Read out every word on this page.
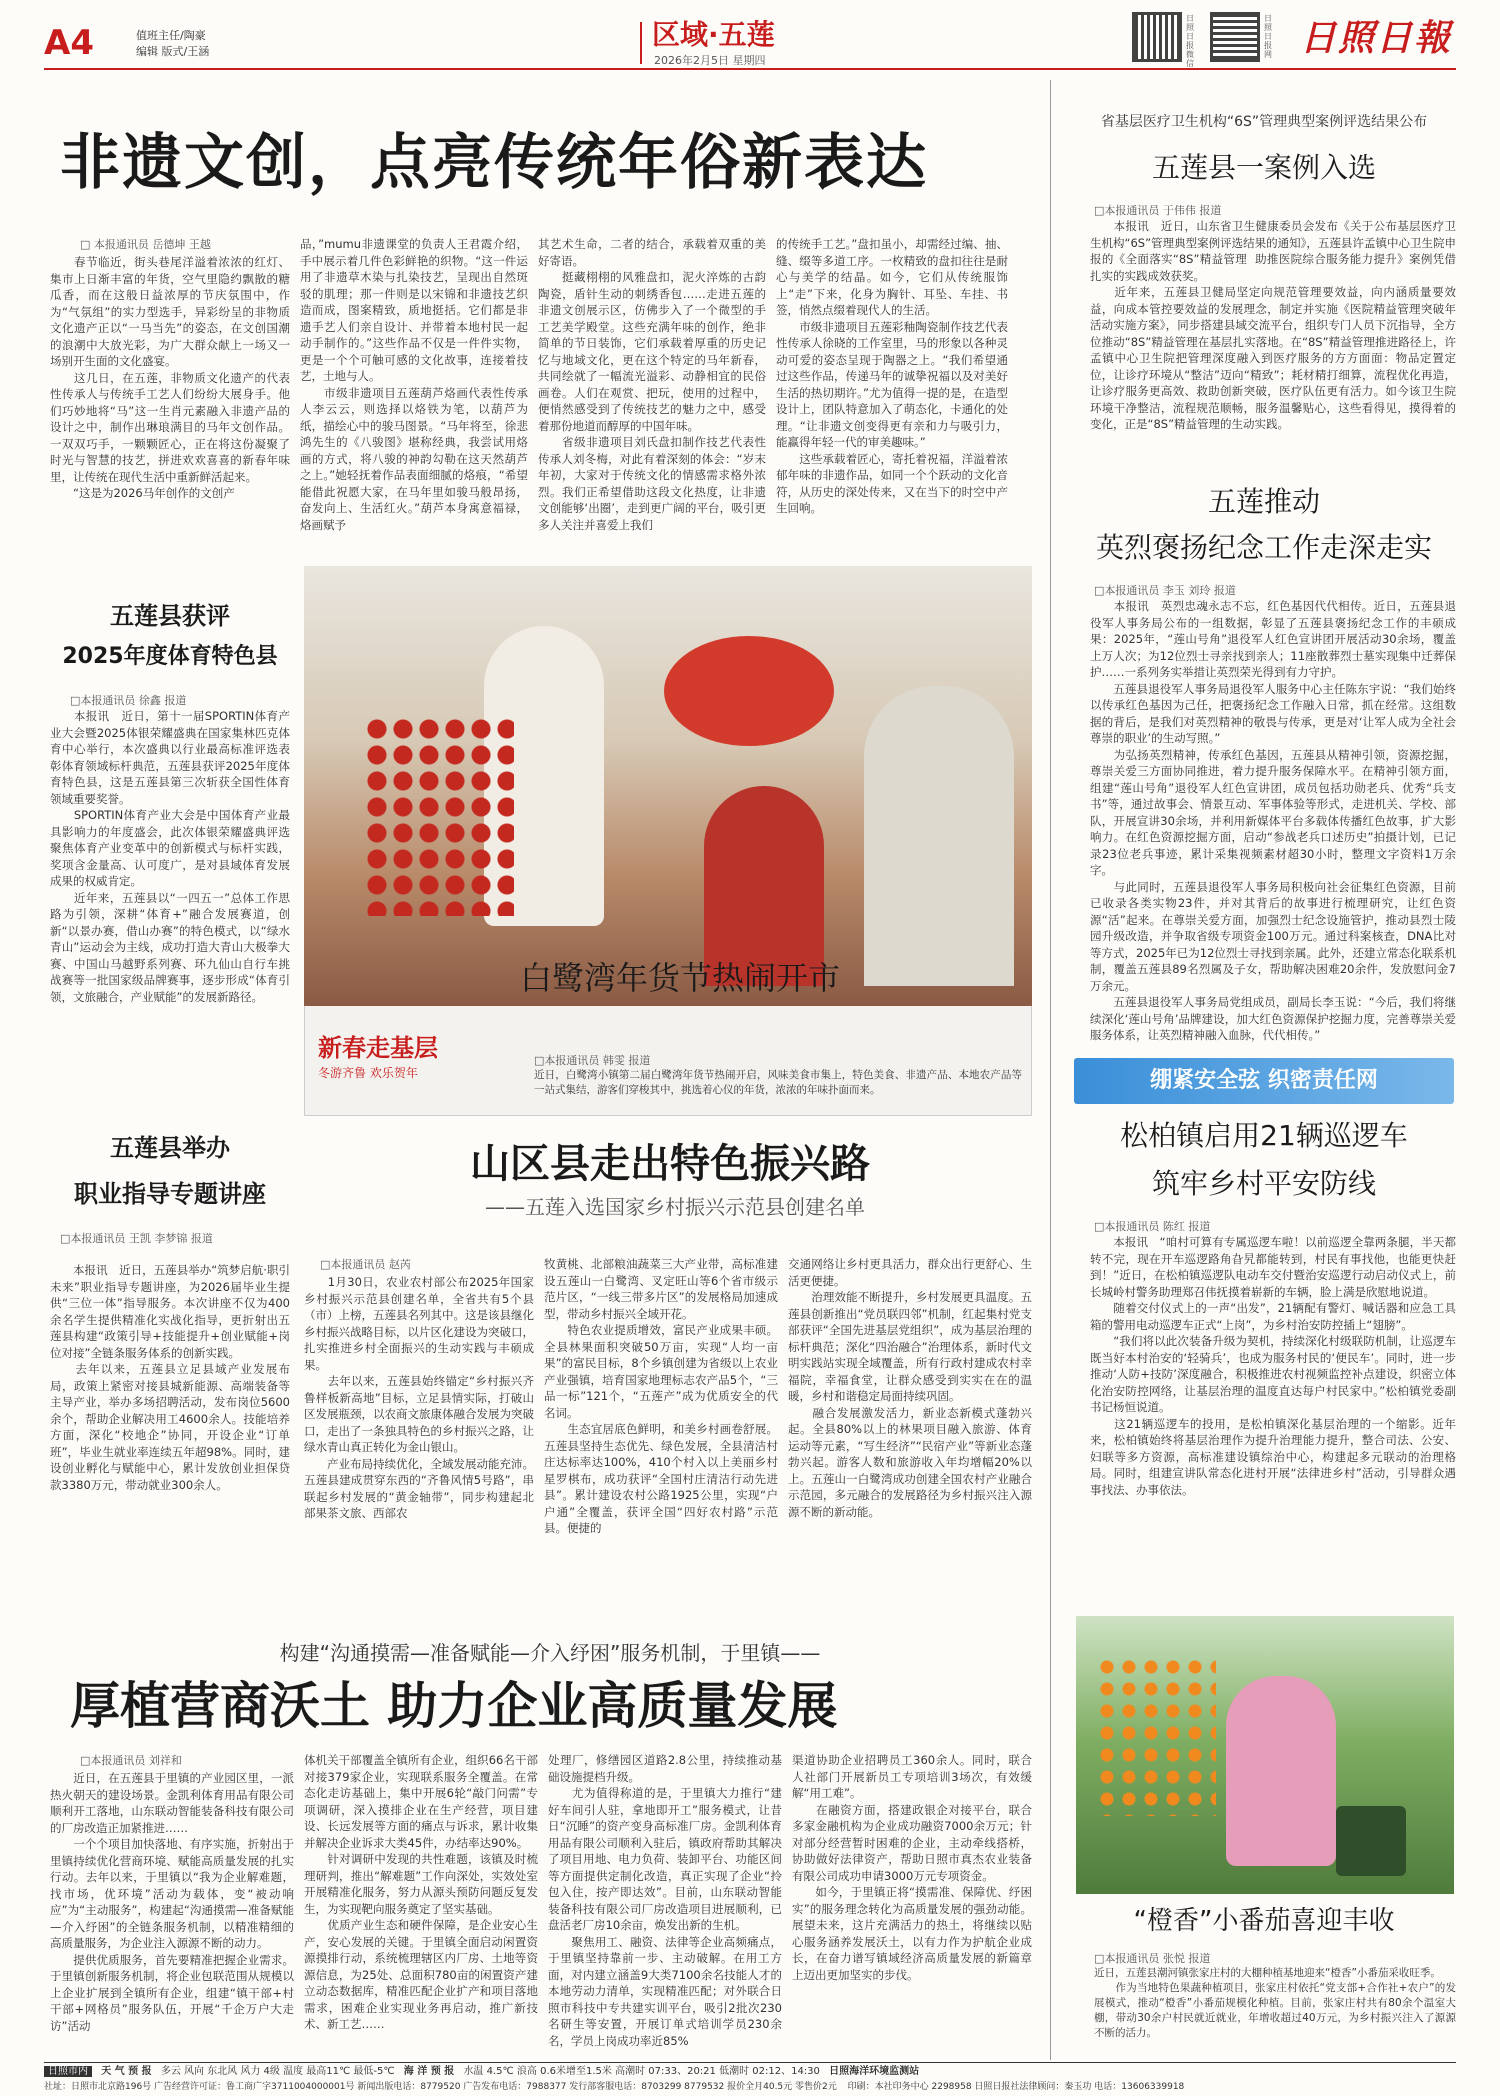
A4	值班主任/陶豪
编辑 版式/王涵
区域·五莲
2026年2月5日 星期四
日照日报微信
日照日报网 日照日報
非遗文创，点亮传统年俗新表达
□ 本报通讯员 岳德坤 王越
　　春节临近，街头巷尾洋溢着浓浓的红灯、集市上日渐丰富的年货，空气里隐约飘散的糖瓜香，而在这般日益浓厚的节庆氛围中，作为“气氛组”的实力型选手，异彩纷呈的非物质文化遗产正以“一马当先”的姿态，在文创国潮的浪潮中大放光彩，为广大群众献上一场又一场别开生面的文化盛宴。
　　这几日，在五莲，非物质文化遗产的代表性传承人与传统手工艺人们纷纷大展身手。他们巧妙地将“马”这一生肖元素融入非遗产品的设计之中，制作出琳琅满目的马年文创作品。一双双巧手，一颗颗匠心，正在将这份凝聚了时光与智慧的技艺，拼进欢欢喜喜的新春年味里，让传统在现代生活中重新鲜活起来。
　　“这是为2026马年创作的文创产
品，”mumu非遗课堂的负责人王君霞介绍，手中展示着几件色彩鲜艳的织物。“这一件运用了非遗草木染与扎染技艺，呈现出自然斑驳的肌理；那一件则是以宋锦和非遗技艺织造而成，图案精致，质地挺括。它们都是非遗手艺人们亲自设计、并带着本地村民一起动手制作的。”这些作品不仅是一件件实物，更是一个个可触可感的文化故事，连接着技艺，土地与人。
　　市级非遗项目五莲葫芦烙画代表性传承人李云云，则选择以烙铁为笔，以葫芦为纸，描绘心中的骏马图景。“马年将至，徐悲鸿先生的《八骏图》堪称经典，我尝试用烙画的方式，将八骏的神韵勾勒在这天然葫芦之上。”她轻抚着作品表面细腻的烙痕，“希望能借此祝愿大家，在马年里如骏马般昂扬，奋发向上、生活红火。”葫芦本身寓意福禄，烙画赋予
其艺术生命，二者的结合，承载着双重的美好寄语。
　　挺藏栩栩的风雅盘扣，泥火淬炼的古韵陶瓷，盾针生动的刺绣香包……走进五莲的非遗文创展示区，仿佛步入了一个微型的手工艺美学殿堂。这些充满年味的创作，绝非简单的节日装饰，它们承载着厚重的历史记忆与地域文化，更在这个特定的马年新春，共同绘就了一幅流光溢彩、动静相宜的民俗画卷。人们在观赏、把玩，使用的过程中，便悄然感受到了传统技艺的魅力之中，感受着那份地道而醇厚的中国年味。
　　省级非遗项目刘氏盘扣制作技艺代表性传承人刘冬梅，对此有着深刻的体会：“岁末年初，大家对于传统文化的情感需求格外浓烈。我们正希望借助这段文化热度，让非遗文创能够‘出圈’，走到更广阔的平台，吸引更多人关注并喜爱上我们
的传统手工艺。”盘扣虽小，却需经过编、抽、缝、缀等多道工序。一枚精致的盘扣往往是耐心与美学的结晶。如今，它们从传统服饰上“走”下来，化身为胸针、耳坠、车挂、书签，悄然点缀着现代人的生活。
　　市级非遗项目五莲彩釉陶瓷制作技艺代表性传承人徐晓的工作室里，马的形象以各种灵动可爱的姿态呈现于陶器之上。“我们希望通过这些作品，传递马年的诚挚祝福以及对美好生活的热切期许。”尤为值得一提的是，在造型设计上，团队特意加入了萌态化，卡通化的处理。“让非遗文创变得更有亲和力与吸引力，能赢得年轻一代的审美趣味。”
　　这些承载着匠心，寄托着祝福，洋溢着浓郁年味的非遗作品，如同一个个跃动的文化音符，从历史的深处传来，又在当下的时空中产生回响。
五莲县获评
2025年度体育特色县
□本报通讯员 徐鑫 报道
　　本报讯　近日，第十一届SPORTIN体育产业大会暨2025体银荣耀盛典在国家集林匹克体育中心举行，本次盛典以行业最高标准评选表彰体育领域标杆典范，五莲县获评2025年度体育特色县，这是五莲县第三次斩获全国性体育领域重要奖誉。
　　SPORTIN体育产业大会是中国体育产业最具影响力的年度盛会，此次体银荣耀盛典评选聚焦体育产业变革中的创新模式与标杆实践，奖项含金量高、认可度广，是对县域体育发展成果的权威肯定。
　　近年来，五莲县以“一四五一”总体工作思路为引领，深耕“体育+”融合发展赛道，创新“以景办赛，借山办赛”的特色模式，以“绿水青山”运动会为主线，成功打造大青山大极拳大赛、中国山马越野系列赛、环九仙山自行车挑战赛等一批国家级品牌赛事，逐步形成“体育引领，文旅融合，产业赋能”的发展新路径。
五莲县举办
职业指导专题讲座
□本报通讯员 王凯 李梦锦 报道
　　本报讯　近日，五莲县举办“筑梦启航·职引未来”职业指导专题讲座，为2026届毕业生提供“三位一体”指导服务。本次讲座不仅为400余名学生提供精准化实战化指导，更折射出五莲县构建“政策引导+技能提升+创业赋能+岗位对接”全链条服务体系的创新实践。
　　去年以来，五莲县立足县域产业发展布局，政策上紧密对接县城新能源、高端装备等主导产业，举办多场招聘活动，发布岗位5600余个，帮助企业解决用工4600余人。技能培养方面，深化“校地企”协同，开设企业“订单班”，毕业生就业率连续五年超98%。同时，建设创业孵化与赋能中心，累计发放创业担保贷款3380万元，带动就业300余人。
新春走基层
冬游齐鲁 欢乐贺年
白鹭湾年货节热闹开市
□本报通讯员 韩雯 报道
近日，白鹭湾小镇第二届白鹭湾年货节热闹开启，风味美食市集上，特色美食、非遗产品、本地农产品等一站式集结，游客们穿梭其中，挑选着心仪的年货，浓浓的年味扑面而来。
山区县走出特色振兴路
——五莲入选国家乡村振兴示范县创建名单
□本报通讯员 赵芮
　　1月30日，农业农村部公布2025年国家乡村振兴示范县创建名单，全省共有5个县（市）上榜，五莲县名列其中。这是该县继化乡村振兴战略目标，以片区化建设为突破口，扎实推进乡村全面振兴的生动实践与丰硕成果。
　　去年以来，五莲县始终锚定“乡村振兴齐鲁样板新高地”目标，立足县情实际，打破山区发展瓶颈，以农商文旅康体融合发展为突破口，走出了一条独具特色的乡村振兴之路，让绿水青山真正转化为金山银山。
　　产业布局持续优化，全域发展动能充沛。五莲县建成贯穿东西的“齐鲁风情5号路”，串联起乡村发展的“黄金轴带”，同步构建起北部果茶文旅、西部农
牧黄桃、北部粮油蔬菜三大产业带，高标准建设五莲山一白鹭湾、叉定旺山等6个省市级示范片区，“一线三带多片区”的发展格局加速成型，带动乡村振兴全域开花。
　　特色农业提质增效，富民产业成果丰硕。全县林果面积突破50万亩，实现“人均一亩果”的富民目标，8个乡镇创建为省级以上农业产业强镇，培育国家地理标志农产品5个，“三品一标”121个，“五莲产”成为优质安全的代名词。
　　生态宜居底色鲜明，和美乡村画卷舒展。五莲县坚持生态优先、绿色发展，全县清洁村庄达标率达100%，410个村入以上美丽乡村星罗棋布，成功获评“全国村庄清洁行动先进县”。累计建设农村公路1925公里，实现“户户通”全覆盖，获评全国“四好农村路”示范县。便捷的
交通网络让乡村更具活力，群众出行更舒心、生活更便捷。
　　治理效能不断提升，乡村发展更具温度。五莲县创新推出“党员联四邻”机制，红起集村党支部获评“全国先进基层党组织”，成为基层治理的标杆典范；深化“四治融合”治理体系，新时代文明实践站实现全域覆盖，所有行政村建成农村幸福院，幸福食堂，让群众感受到实实在在的温暖，乡村和谐稳定局面持续巩固。
　　融合发展激发活力，新业态新模式蓬勃兴起。全县80%以上的林果项目融入旅游、体育运动等元素，“写生经济”“民宿产业”等新业态蓬勃兴起。游客人数和旅游收入年均增幅20%以上。五莲山一白鹭湾成功创建全国农村产业融合示范园，多元融合的发展路径为乡村振兴注入源源不断的新动能。
构建“沟通摸需—准备赋能—介入纾困”服务机制，于里镇——
厚植营商沃土 助力企业高质量发展
□本报通讯员 刘祥和
　　近日，在五莲县于里镇的产业园区里，一派热火朝天的建设场景。金凯利体育用品有限公司顺利开工落地，山东联动智能装备科技有限公司的厂房改造正加紧推进……
　　一个个项目加快落地、有序实施，折射出于里镇持续优化营商环境、赋能高质量发展的扎实行动。去年以来，于里镇以“我为企业解难题，找市场，优环境”活动为载体，变“被动响应”为“主动服务”，构建起“沟通摸需—准备赋能—介入纾困”的全链条服务机制，以精准精细的高质量服务，为企业注入源源不断的动力。
　　提供优质服务，首先要精准把握企业需求。于里镇创新服务机制，将企业包联范围从规模以上企业扩展到全镇所有企业，组建“镇干部+村干部+网格员”服务队伍，开展“千企万户大走访”活动
体机关干部覆盖全镇所有企业，组织66名干部对接379家企业，实现联系服务全覆盖。在常态化走访基础上，集中开展6轮“敲门问需”专项调研，深入摸排企业在生产经营，项目建设、长远发展等方面的痛点与诉求，累计收集并解决企业诉求大类45件，办结率达90%。
　　针对调研中发现的共性难题，该镇及时梳理研判，推出“解难题”工作向深处，实效处室开展精准化服务，努力从源头预防问题反复发生，为实现靶向服务奠定了坚实基础。
　　优质产业生态和硬件保障，是企业安心生产，安心发展的关键。于里镇全面启动闲置资源摸排行动，系统梳理辖区内厂房、土地等资源信息，为25处、总面积780亩的闲置资产建立动态数据库，精准匹配企业扩产和项目落地需求，困难企业实现业务再启动，推广新技术、新工艺……
处理厂，修缮园区道路2.8公里，持续推动基础设施提档升级。
　　尤为值得称道的是，于里镇大力推行“建好车间引人驻，拿地即开工”服务模式，让昔日“沉睡”的资产变身高标准厂房。金凯利体育用品有限公司顺利入驻后，镇政府帮助其解决了项目用地、电力负荷、装卸平台、功能区间等方面提供定制化改造，真正实现了企业“拎包入住，按产即达效”。目前，山东联动智能装备科技有限公司厂房改造项目进展顺利，已盘活老厂房10余亩，焕发出新的生机。
　　聚焦用工、融资、法律等企业高频痛点，于里镇坚持靠前一步、主动破解。在用工方面，对内建立涵盖9大类7100余名技能人才的本地劳动力清单，实现精准匹配；对外联合日照市科技中专共建实训平台，吸引2批次230名研生等安置，开展订单式培训学员230余名，学员上岗成功率近85%
渠道协助企业招聘员工360余人。同时，联合人社部门开展新员工专项培训3场次，有效缓解“用工难”。
　　在融资方面，搭建政银企对接平台，联合多家金融机构为企业成功融资7000余万元；针对部分经营暂时困难的企业，主动牵线搭桥，协助做好法律资产，帮助日照市真杰农业装备有限公司成功申请3000万元专项资金。
　　如今，于里镇正将“摸需准、保障优、纾困实”的服务理念转化为高质量发展的强劲动能。展望未来，这片充满活力的热土，将继续以贴心服务涵养发展沃土，以有力作为护航企业成长，在奋力谱写镇域经济高质量发展的新篇章上迈出更加坚实的步伐。
省基层医疗卫生机构“6S”管理典型案例评选结果公布
五莲县一案例入选
□本报通讯员 于伟伟 报道
　　本报讯　近日，山东省卫生健康委员会发布《关于公布基层医疗卫生机构“6S”管理典型案例评选结果的通知》，五莲县许孟镇中心卫生院申报的《全面落实“8S”精益管理  助推医院综合服务能力提升》案例凭借扎实的实践成效获奖。
　　近年来，五莲县卫健局坚定向规范管理要效益，向内涵质量要效益，向成本管控要效益的发展理念，制定并实施《医院精益管理突破年活动实施方案》，同步搭建县域交流平台，组织专门人员下沉指导，全方位推动“8S”精益管理在基层扎实落地。在“8S”精益管理推进路径上，许孟镇中心卫生院把管理深度融入到医疗服务的方方面面：物品定置定位，让诊疗环境从“整洁”迈向“精致”；耗材精打细算，流程优化再造，让诊疗服务更高效、救助创新突破，医疗队伍更有活力。如今该卫生院环境干净整洁，流程规范顺畅，服务温馨贴心，这些看得见，摸得着的变化，正是“8S”精益管理的生动实践。
五莲推动
英烈褒扬纪念工作走深走实
□本报通讯员 李玉 刘玲 报道
　　本报讯　英烈忠魂永志不忘，红色基因代代相传。近日，五莲县退役军人事务局公布的一组数据，彰显了五莲县褒扬纪念工作的丰硕成果：2025年，“莲山号角”退役军人红色宣讲团开展活动30余场，覆盖上万人次；为12位烈士寻亲找到亲人；11座散葬烈士墓实现集中迁葬保护……一系列务实举措让英烈荣光得到有力守护。
　　五莲县退役军人事务局退役军人服务中心主任陈东宇说：“我们始终以传承红色基因为己任，把褒扬纪念工作融入日常，抓在经常。这组数据的背后，是我们对英烈精神的敬畏与传承，更是对‘让军人成为全社会尊崇的职业’的生动写照。”
　　为弘扬英烈精神，传承红色基因，五莲县从精神引领，资源挖掘，尊崇关爱三方面协同推进，着力提升服务保障水平。在精神引领方面，组建“莲山号角”退役军人红色宣讲团，成员包括功勋老兵、优秀“兵支书”等，通过故事会、情景互动、军事体验等形式，走进机关、学校、部队，开展宣讲30余场，并利用新媒体平台多载体传播红色故事，扩大影响力。在红色资源挖掘方面，启动“参战老兵口述历史”拍摄计划，已记录23位老兵事迹，累计采集视频素材超30小时，整理文字资料1万余字。
　　与此同时，五莲县退役军人事务局积极向社会征集红色资源，目前已收录各类实物23件，并对其背后的故事进行梳理研究，让红色资源“活”起来。在尊崇关爱方面，加强烈士纪念设施管护，推动县烈士陵园升级改造，并争取省级专项资金100万元。通过科案核查，DNA比对等方式，2025年已为12位烈士寻找到亲属。此外，还建立常态化联系机制，覆盖五莲县89名烈属及子女，帮助解决困难20余件，发放慰问金7万余元。
　　五莲县退役军人事务局党组成员，副局长李玉说：“今后，我们将继续深化‘莲山号角’品牌建设，加大红色资源保护挖掘力度，完善尊崇关爱服务体系，让英烈精神融入血脉，代代相传。”
绷紧安全弦 织密责任网
松柏镇启用21辆巡逻车
筑牢乡村平安防线
□本报通讯员 陈红 报道
　　本报讯　“咱村可算有专属巡逻车啦！以前巡逻全靠两条腿，半天都转不完，现在开车巡逻路角旮旯都能转到，村民有事找他，也能更快赶到！”近日，在松柏镇巡逻队电动车交付暨治安巡逻行动启动仪式上，前长城岭村警务助理郑召伟抚摸着崭新的车辆，脸上满是欣慰地说道。
　　随着交付仪式上的一声“出发”，21辆配有警灯、喊话器和应急工具箱的警用电动巡逻车正式“上岗”，为乡村治安防控插上“翅膀”。
　　“我们将以此次装备升级为契机，持续深化村级联防机制，让巡逻车既当好本村治安的‘轻骑兵’，也成为服务村民的‘便民车’。同时，进一步推动‘人防+技防’深度融合，积极推进农村视频监控补点建设，织密立体化治安防控网络，让基层治理的温度直达每户村民家中。”松柏镇党委副书记杨恒说道。
　　这21辆巡逻车的投用，是松柏镇深化基层治理的一个缩影。近年来，松柏镇始终将基层治理作为提升治理能力提升，整合司法、公安、妇联等多方资源，高标准建设镇综治中心，构建起多元联动的治理格局。同时，组建宣讲队常态化进村开展“法律进乡村”活动，引导群众遇事找法、办事依法。
“橙香”小番茄喜迎丰收
□本报通讯员 张悦 报道
近日，五莲县潮河镇张家庄村的大棚种植基地迎来“橙香”小番茄采收旺季。
　　作为当地特色果蔬种植项目，张家庄村依托“党支部+合作社+农户”的发展模式，推动“橙香”小番茄规模化种植。目前，张家庄村共有80余个温室大棚，带动30余户村民就近就业，年增收超过40万元，为乡村振兴注入了源源不断的活力。
日照市内 天 气 预 报 多云 风向 东北风 风力 4级 温度 最高11℃ 最低-5℃ 海 洋 预 报 水温 4.5℃ 浪高 0.6米增至1.5米 高潮时 07:33、20:21 低潮时 02:12、14:30 日照海洋环境监测站
社址：日照市北京路196号 广告经营许可证：鲁工商广字3711004000001号 新闻出版电话：8779520 广告发布电话：7988377 发行部客服电话：8703299 8779532 报价全月40.5元 零售价2元 印刷：本社印务中心 2298958 日照日报社法律顾问：秦玉功 电话：13606339918
